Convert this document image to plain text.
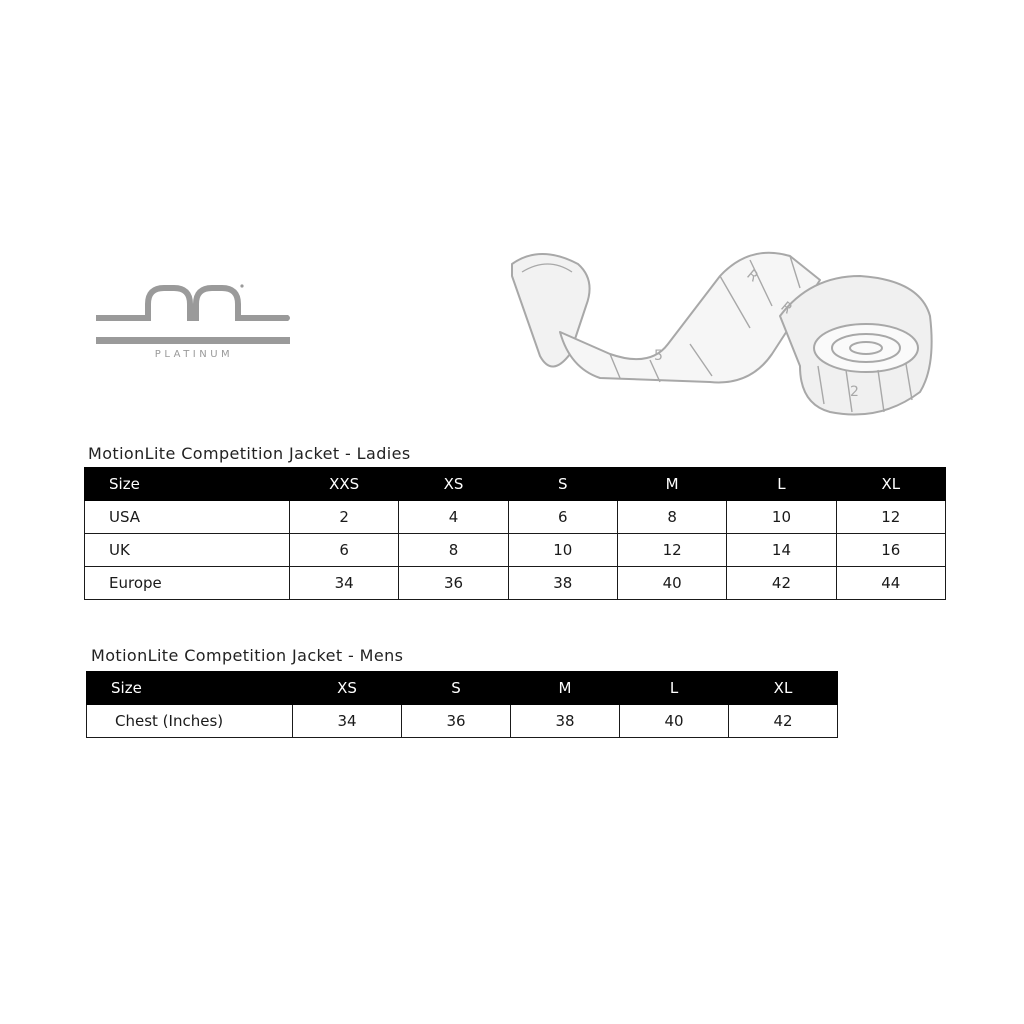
PLATINUM
R
R
5
2
MotionLite Competition Jacket - Ladies
Size	XXS	XS	S	M	L	XL
USA	2	4	6	8	10	12
UK	6	8	10	12	14	16
Europe	34	36	38	40	42	44
MotionLite Competition Jacket - Mens
Size	XS	S	M	L	XL
Chest (Inches)	34	36	38	40	42
